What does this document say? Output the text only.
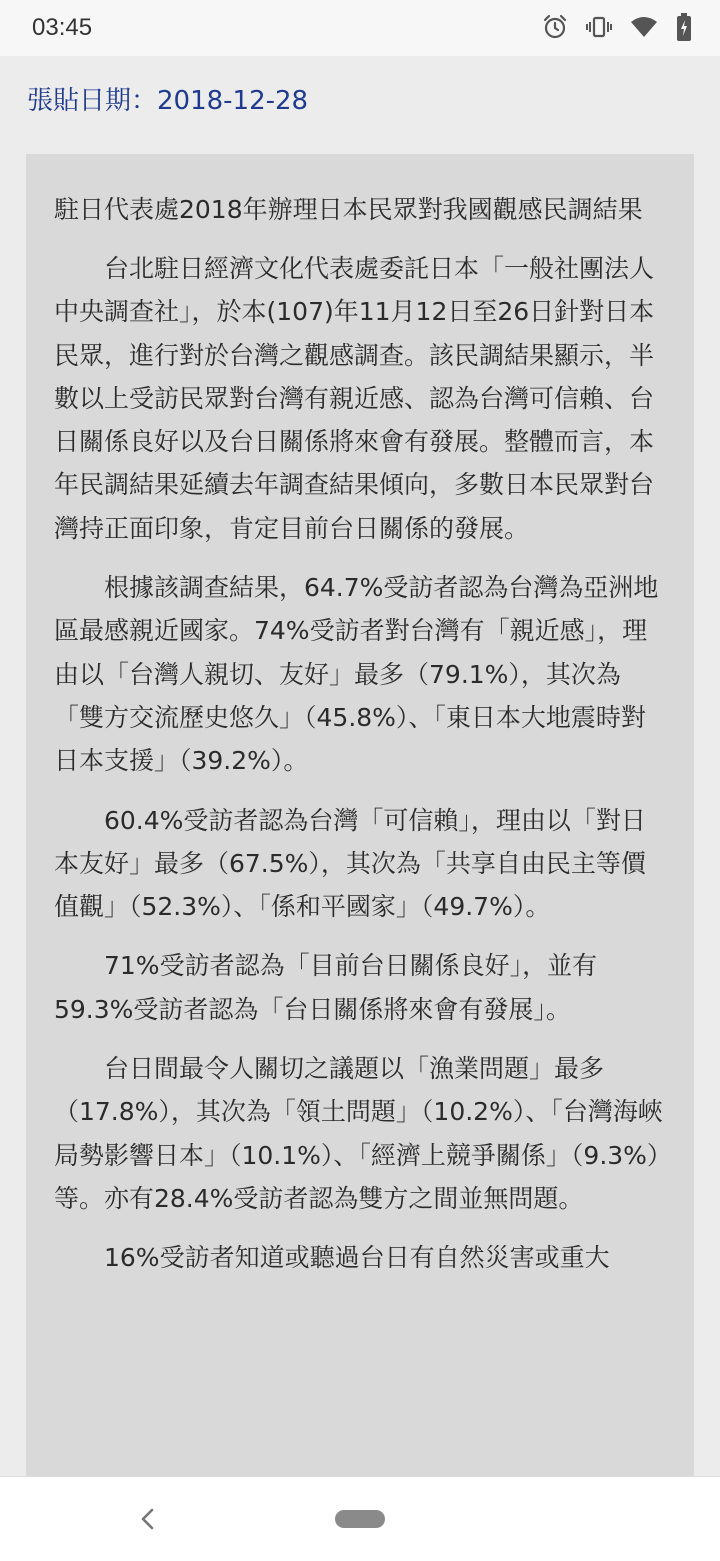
03:45
張貼日期：2018-12-28
駐日代表處2018年辦理日本民眾對我國觀感民調結果

台北駐日經濟文化代表處委託日本「一般社團法人中央調查社」，於本(107)年11月12日至26日針對日本民眾，進行對於台灣之觀感調查。該民調結果顯示，半數以上受訪民眾對台灣有親近感、認為台灣可信賴、台日關係良好以及台日關係將來會有發展。整體而言，本年民調結果延續去年調查結果傾向，多數日本民眾對台灣持正面印象，肯定目前台日關係的發展。

根據該調查結果，64.7%受訪者認為台灣為亞洲地區最感親近國家。74%受訪者對台灣有「親近感」，理由以「台灣人親切、友好」最多（79.1%），其次為「雙方交流歷史悠久」（45.8%）、「東日本大地震時對日本支援」（39.2%）。

60.4%受訪者認為台灣「可信賴」，理由以「對日本友好」最多（67.5%），其次為「共享自由民主等價值觀」（52.3%）、「係和平國家」（49.7%）。

71%受訪者認為「目前台日關係良好」，並有59.3%受訪者認為「台日關係將來會有發展」。

台日間最令人關切之議題以「漁業問題」最多（17.8%），其次為「領土問題」（10.2%）、「台灣海峽局勢影響日本」（10.1%）、「經濟上競爭關係」（9.3%）等。亦有28.4%受訪者認為雙方之間並無問題。

16%受訪者知道或聽過台日有自然災害或重大
